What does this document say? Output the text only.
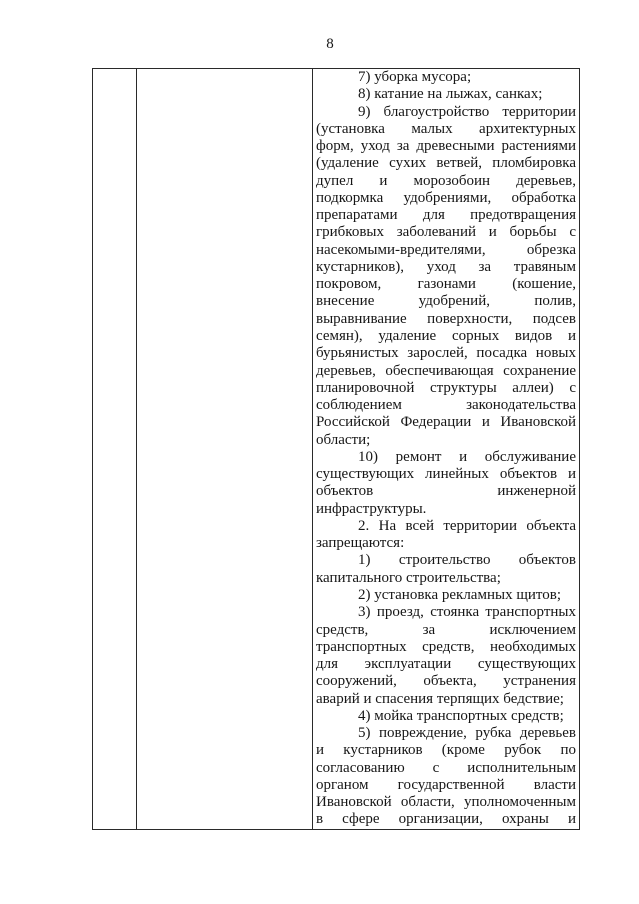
8
7) уборка мусора;
8) катание на лыжах, санках;
9) благоустройство территории
(установка малых архитектурных
форм, уход за древесными растениями
(удаление сухих ветвей, пломбировка
дупел и морозобоин деревьев,
подкормка удобрениями, обработка
препаратами для предотвращения
грибковых заболеваний и борьбы с
насекомыми-вредителями, обрезка
кустарников), уход за травяным
покровом, газонами (кошение,
внесение удобрений, полив,
выравнивание поверхности, подсев
семян), удаление сорных видов и
бурьянистых зарослей, посадка новых
деревьев, обеспечивающая сохранение
планировочной структуры аллеи) с
соблюдением законодательства
Российской Федерации и Ивановской
области;
10) ремонт и обслуживание
существующих линейных объектов и
объектов инженерной
инфраструктуры.
2. На всей территории объекта
запрещаются:
1) строительство объектов
капитального строительства;
2) установка рекламных щитов;
3) проезд, стоянка транспортных
средств, за исключением
транспортных средств, необходимых
для эксплуатации существующих
сооружений, объекта, устранения
аварий и спасения терпящих бедствие;
4) мойка транспортных средств;
5) повреждение, рубка деревьев
и кустарников (кроме рубок по
согласованию с исполнительным
органом государственной власти
Ивановской области, уполномоченным
в сфере организации, охраны и
